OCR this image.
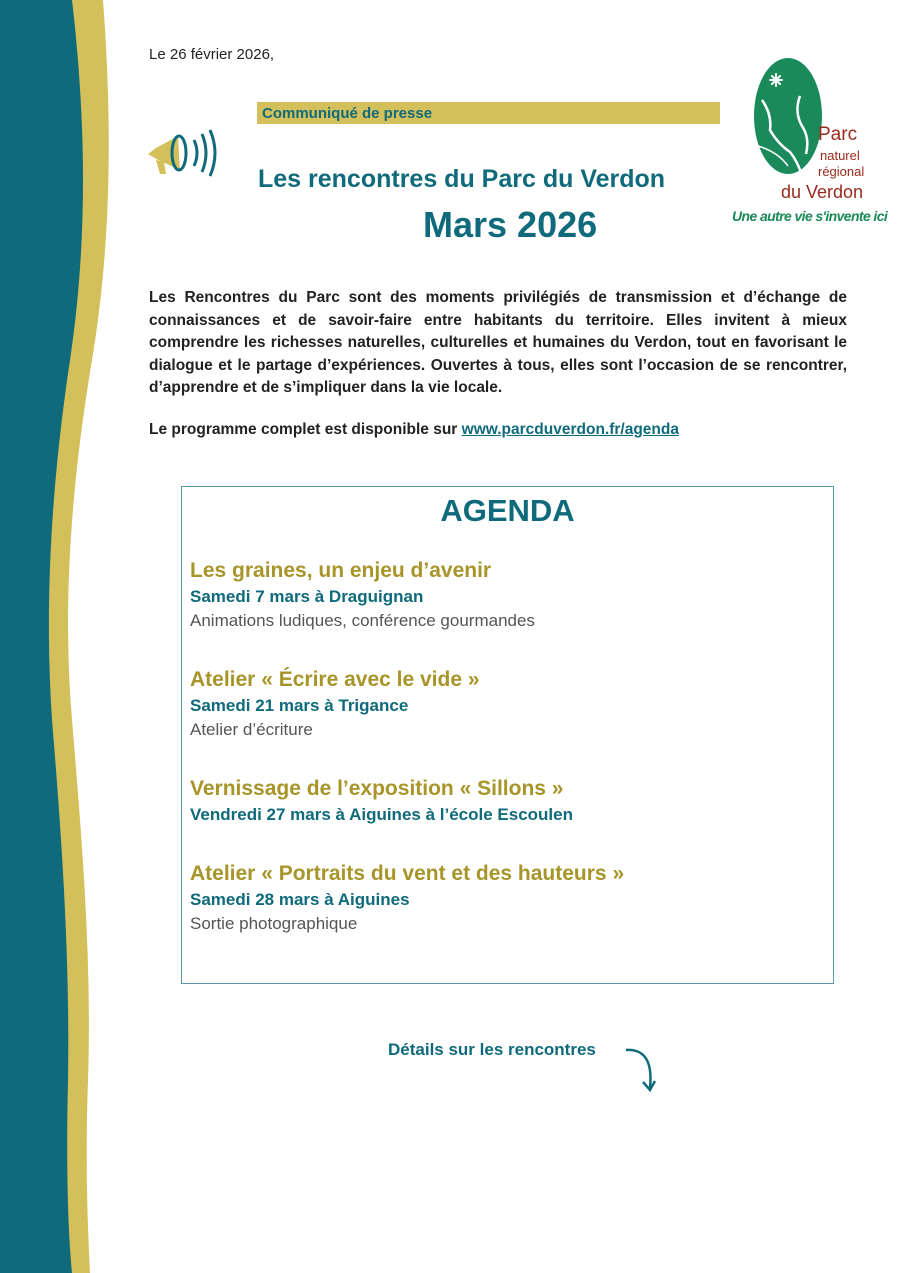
Le 26 février 2026,
Communiqué de presse
Les rencontres du Parc du Verdon
Mars 2026
Parc
naturel
régional
du Verdon
Une autre vie s'invente ici
Les Rencontres du Parc sont des moments privilégiés de transmission et d’échange de connaissances et de savoir-faire entre habitants du territoire. Elles invitent à mieux comprendre les richesses naturelles, culturelles et humaines du Verdon, tout en favorisant le dialogue et le partage d’expériences. Ouvertes à tous, elles sont l’occasion de se rencontrer, d’apprendre et de s’impliquer dans la vie locale.
Le programme complet est disponible sur www.parcduverdon.fr/agenda
AGENDA
Les graines, un enjeu d’avenir
Samedi 7 mars à Draguignan
Animations ludiques, conférence gourmandes
Atelier « Écrire avec le vide »
Samedi 21 mars à Trigance
Atelier d’écriture
Vernissage de l’exposition « Sillons »
Vendredi 27 mars à Aiguines à l’école Escoulen
Atelier « Portraits du vent et des hauteurs »
Samedi 28 mars à Aiguines
Sortie photographique
Détails sur les rencontres
